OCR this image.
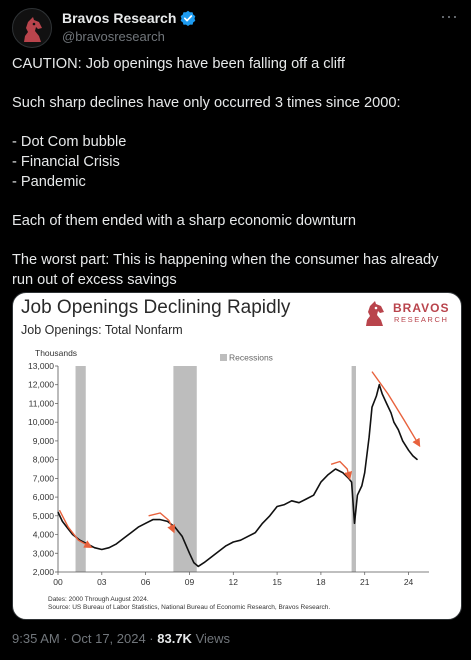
Bravos Research
@bravosresearch
···

CAUTION: Job openings have been falling off a cliff

Such sharp declines have only occurred 3 times since 2000:

- Dot Com bubble

- Financial Crisis

- Pandemic

Each of them ended with a sharp economic downturn

The worst part: This is happening when the consumer has already run out of excess savings

2,000
3,000
4,000
5,000
6,000
7,000
8,000
9,000
10,000
11,000
12,000
13,000
Thousands
00	03	06	09	12	15	18	21	24
Recessions
Job Openings Declining Rapidly
Job Openings: Total Nonfarm
BRAVOS
RESEARCH
Dates: 2000 Through August 2024.
Source: US Bureau of Labor Statistics, National Bureau of Economic Research, Bravos Research.
9:35 AM · Oct 17, 2024 · 83.7K Views
